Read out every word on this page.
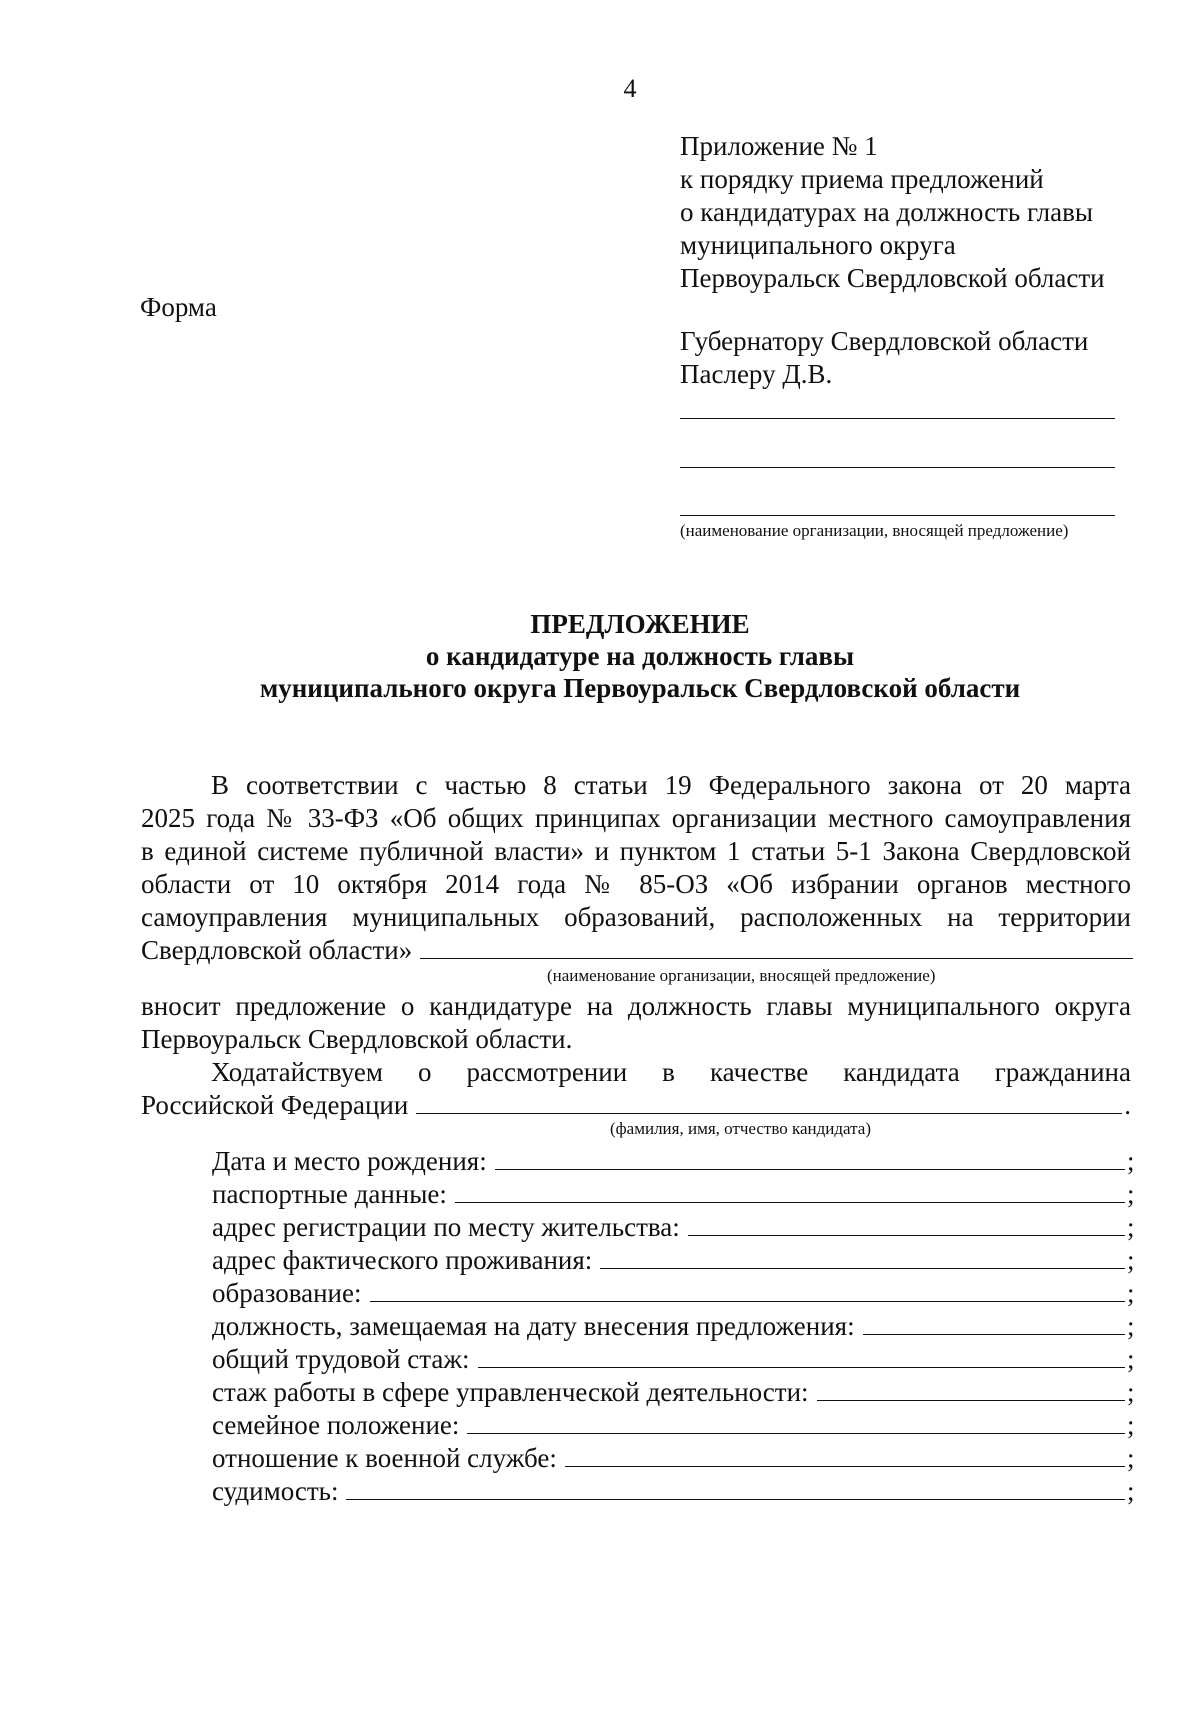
4
Приложение № 1
к порядку приема предложений
о кандидатурах на должность главы
муниципального округа
Первоуральск Свердловской области
Форма
Губернатору Свердловской области
Паслеру Д.В.
(наименование организации, вносящей предложение)
ПРЕДЛОЖЕНИЕ
о кандидатуре на должность главы
муниципального округа Первоуральск Свердловской области
В соответствии с частью 8 статьи 19 Федерального закона от 20 марта
2025 года № 33-ФЗ «Об общих принципах организации местного самоуправления
в единой системе публичной власти» и пунктом 1 статьи 5-1 Закона Свердловской
области от 10 октября 2014 года № 85-ОЗ «Об избрании органов местного
самоуправления муниципальных образований, расположенных на территории
Свердловской области»
(наименование организации, вносящей предложение)
вносит предложение о кандидатуре на должность главы муниципального округа
Первоуральск Свердловской области.
Ходатайствуем о рассмотрении в качестве кандидата гражданина
Российской Федерации	.
(фамилия, имя, отчество кандидата)
Дата и место рождения:	;
паспортные данные:	;
адрес регистрации по месту жительства:	;
адрес фактического проживания:	;
образование:	;
должность, замещаемая на дату внесения предложения:	;
общий трудовой стаж:	;
стаж работы в сфере управленческой деятельности:	;
семейное положение:	;
отношение к военной службе:	;
судимость:	;
